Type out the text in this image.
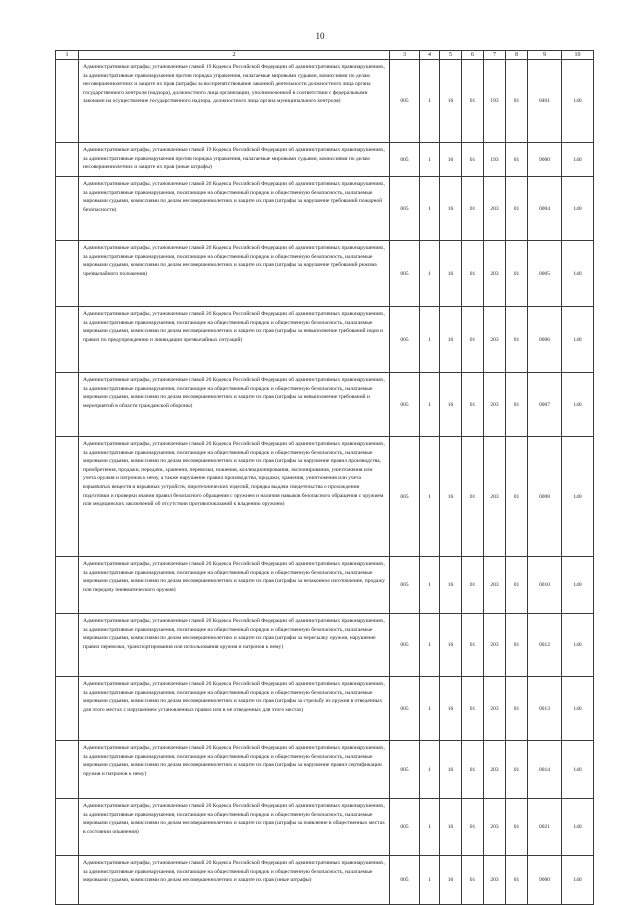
10
1	2	3	4	5	6	7	8	9	10
	Административные штрафы, установленные главой 19 Кодекса Российской Федерации об административных правонарушениях, за административные правонарушения против порядка управления, налагаемые мировыми судьями, комиссиями по делам несовершеннолетних и защите их прав (штрафы за воспрепятствование законной деятельности должностного лица органа государственного контроля (надзора), должностного лица организации, уполномоченной в соответствии с федеральными законами на осуществление государственного надзора, должностного лица органа муниципального контроля)	005	1	16	01	193	01	0401	140
	Административные штрафы, установленные главой 19 Кодекса Российской Федерации об административных правонарушениях, за административные правонарушения против порядка управления, налагаемые мировыми судьями, комиссиями по делам несовершеннолетних и защите их прав (иные штрафы)	005	1	16	01	193	01	9000	140
	Административные штрафы, установленные главой 20 Кодекса Российской Федерации об административных правонарушениях, за административные правонарушения, посягающие на общественный порядок и общественную безопасность, налагаемые мировыми судьями, комиссиями по делам несовершеннолетних и защите их прав (штрафы за нарушение требований пожарной безопасности)	005	1	16	01	203	01	0004	140
	Административные штрафы, установленные главой 20 Кодекса Российской Федерации об административных правонарушениях, за административные правонарушения, посягающие на общественный порядок и общественную безопасность, налагаемые мировыми судьями, комиссиями по делам несовершеннолетних и защите их прав (штрафы за нарушение требований режима чрезвычайного положения)	005	1	16	01	203	01	0005	140
	Административные штрафы, установленные главой 20 Кодекса Российской Федерации об административных правонарушениях, за административные правонарушения, посягающие на общественный порядок и общественную безопасность, налагаемые мировыми судьями, комиссиями по делам несовершеннолетних и защите их прав (штрафы за невыполнение требований норм и правил по предупреждению и ликвидации чрезвычайных ситуаций)	005	1	16	01	203	01	0006	140
	Административные штрафы, установленные главой 20 Кодекса Российской Федерации об административных правонарушениях, за административные правонарушения, посягающие на общественный порядок и общественную безопасность, налагаемые мировыми судьями, комиссиями по делам несовершеннолетних и защите их прав (штрафы за невыполнение требований и мероприятий в области гражданской обороны)	005	1	16	01	203	01	0007	140
	Административные штрафы, установленные главой 20 Кодекса Российской Федерации об административных правонарушениях, за административные правонарушения, посягающие на общественный порядок и общественную безопасность, налагаемые мировыми судьями, комиссиями по делам несовершеннолетних и защите их прав (штрафы за нарушение правил производства, приобретения, продажи, передачи, хранения, перевозки, ношения, коллекционирования, экспонирования, уничтожения или учета оружия и патронов к нему, а также нарушение правил производства, продажи, хранения, уничтожения или учета взрывчатых веществ и взрывных устройств, пиротехнических изделий, порядка выдачи свидетельства о прохождении подготовки и проверки знания правил безопасного обращения с оружием и наличия навыков безопасного обращения с оружием или медицинских заключений об отсутствии противопоказаний к владению оружием)	005	1	16	01	203	01	0008	140
	Административные штрафы, установленные главой 20 Кодекса Российской Федерации об административных правонарушениях, за административные правонарушения, посягающие на общественный порядок и общественную безопасность, налагаемые мировыми судьями, комиссиями по делам несовершеннолетних и защите их прав (штрафы за незаконное изготовление, продажу или передачу пневматического оружия)	005	1	16	01	203	01	0010	140
	Административные штрафы, установленные главой 20 Кодекса Российской Федерации об административных правонарушениях, за административные правонарушения, посягающие на общественный порядок и общественную безопасность, налагаемые мировыми судьями, комиссиями по делам несовершеннолетних и защите их прав (штрафы за пересылку оружия, нарушение правил перевозки, транспортирования или использования оружия и патронов к нему)	005	1	16	01	203	01	0012	140
	Административные штрафы, установленные главой 20 Кодекса Российской Федерации об административных правонарушениях, за административные правонарушения, посягающие на общественный порядок и общественную безопасность, налагаемые мировыми судьями, комиссиями по делам несовершеннолетних и защите их прав (штрафы за стрельбу из оружия в отведенных для этого местах с нарушением установленных правил или в не отведенных для этого местах)	005	1	16	01	203	01	0013	140
	Административные штрафы, установленные главой 20 Кодекса Российской Федерации об административных правонарушениях, за административные правонарушения, посягающие на общественный порядок и общественную безопасность, налагаемые мировыми судьями, комиссиями по делам несовершеннолетних и защите их прав (штрафы за нарушение правил сертификации оружия и патронов к нему)	005	1	16	01	203	01	0014	140
	Административные штрафы, установленные главой 20 Кодекса Российской Федерации об административных правонарушениях, за административные правонарушения, посягающие на общественный порядок и общественную безопасность, налагаемые мировыми судьями, комиссиями по делам несовершеннолетних и защите их прав (штрафы за появление в общественных местах в состоянии опьянения)	005	1	16	01	203	01	0021	140
	Административные штрафы, установленные главой 20 Кодекса Российской Федерации об административных правонарушениях, за административные правонарушения, посягающие на общественный порядок и общественную безопасность, налагаемые мировыми судьями, комиссиями по делам несовершеннолетних и защите их прав (иные штрафы)	005	1	16	01	203	01	9000	140
